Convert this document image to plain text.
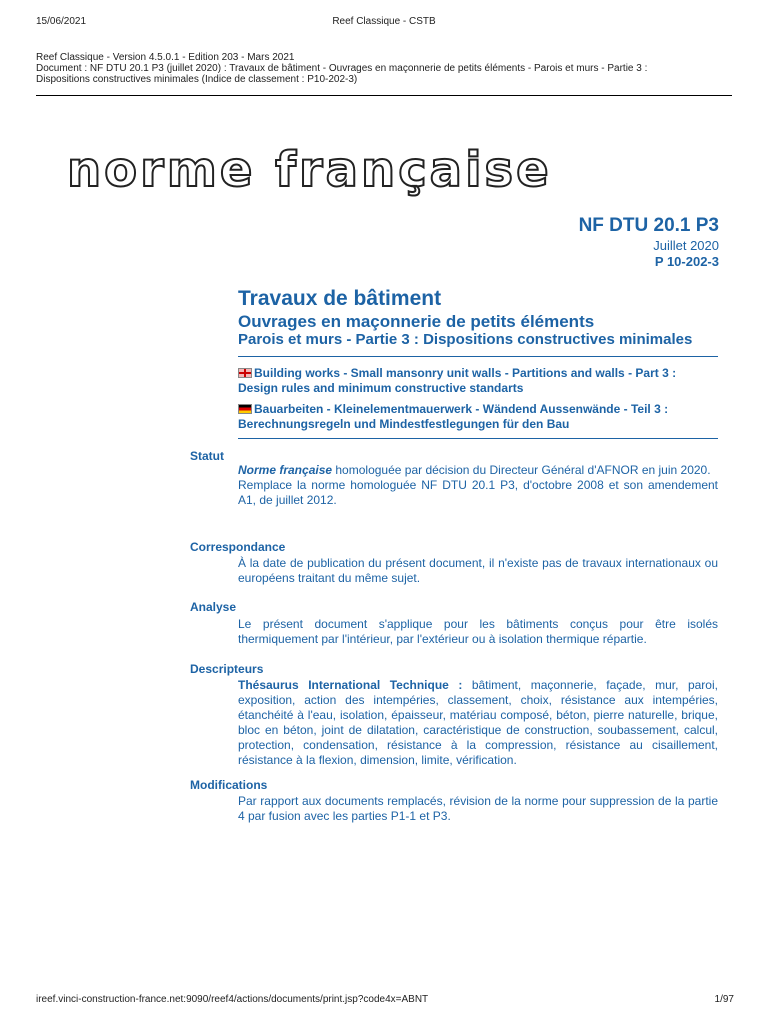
15/06/2021	Reef Classique - CSTB
Reef Classique - Version 4.5.0.1 - Edition 203 - Mars 2021
Document : NF DTU 20.1 P3 (juillet 2020) : Travaux de bâtiment - Ouvrages en maçonnerie de petits éléments - Parois et murs - Partie 3 :
Dispositions constructives minimales (Indice de classement : P10-202-3)
norme française
NF DTU 20.1 P3
Juillet 2020
P 10-202-3
Travaux de bâtiment
Ouvrages en maçonnerie de petits éléments
Parois et murs - Partie 3 : Dispositions constructives minimales
Building works - Small mansonry unit walls - Partitions and walls - Part 3 : Design rules and minimum constructive standarts
Bauarbeiten - Kleinelementmauerwerk - Wändend Aussenwände - Teil 3 : Berechnungsregeln und Mindestfestlegungen für den Bau
Statut
Norme française homologuée par décision du Directeur Général d'AFNOR en juin 2020.
Remplace la norme homologuée NF DTU 20.1 P3, d'octobre 2008 et son amendement A1, de juillet 2012.
Correspondance
À la date de publication du présent document, il n'existe pas de travaux internationaux ou européens traitant du même sujet.
Analyse
Le présent document s'applique pour les bâtiments conçus pour être isolés thermiquement par l'intérieur, par l'extérieur ou à isolation thermique répartie.
Descripteurs
Thésaurus International Technique : bâtiment, maçonnerie, façade, mur, paroi, exposition, action des intempéries, classement, choix, résistance aux intempéries, étanchéité à l'eau, isolation, épaisseur, matériau composé, béton, pierre naturelle, brique, bloc en béton, joint de dilatation, caractéristique de construction, soubassement, calcul, protection, condensation, résistance à la compression, résistance au cisaillement, résistance à la flexion, dimension, limite, vérification.
Modifications
Par rapport aux documents remplacés, révision de la norme pour suppression de la partie 4 par fusion avec les parties P1-1 et P3.
ireef.vinci-construction-france.net:9090/reef4/actions/documents/print.jsp?code4x=ABNT	1/97
